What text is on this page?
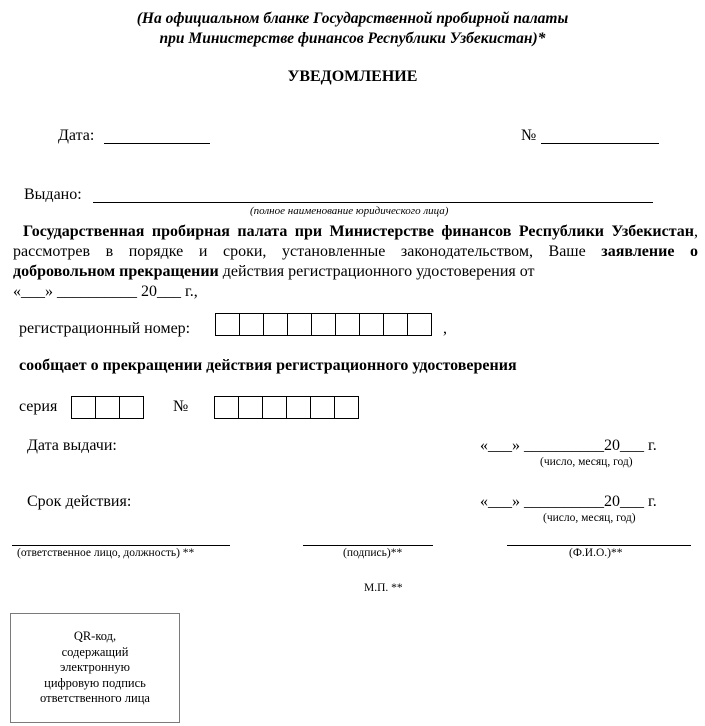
(На официальном бланке Государственной пробирной палаты
при Министерстве финансов Республики Узбекистан)*
УВЕДОМЛЕНИЕ
Дата:	№
Выдано:
(полное наименование юридического лица)
Государственная пробирная палата при Министерстве финансов Республики Узбекистан, рассмотрев в порядке и сроки, установленные законодательством, Ваше заявление о добровольном прекращении действия регистрационного удостоверения от
«___» __________ 20___ г.,
регистрационный номер:	,
сообщает о прекращении действия регистрационного удостоверения
серия	№
Дата выдачи:	«___» __________20___ г.
(число, месяц, год)
Срок действия:	«___» __________20___ г.
(число, месяц, год)
(ответственное лицо, должность) **	(подпись)**	(Ф.И.О.)**
М.П. **
QR-код,
содержащий
электронную
цифровую подпись
ответственного лица
